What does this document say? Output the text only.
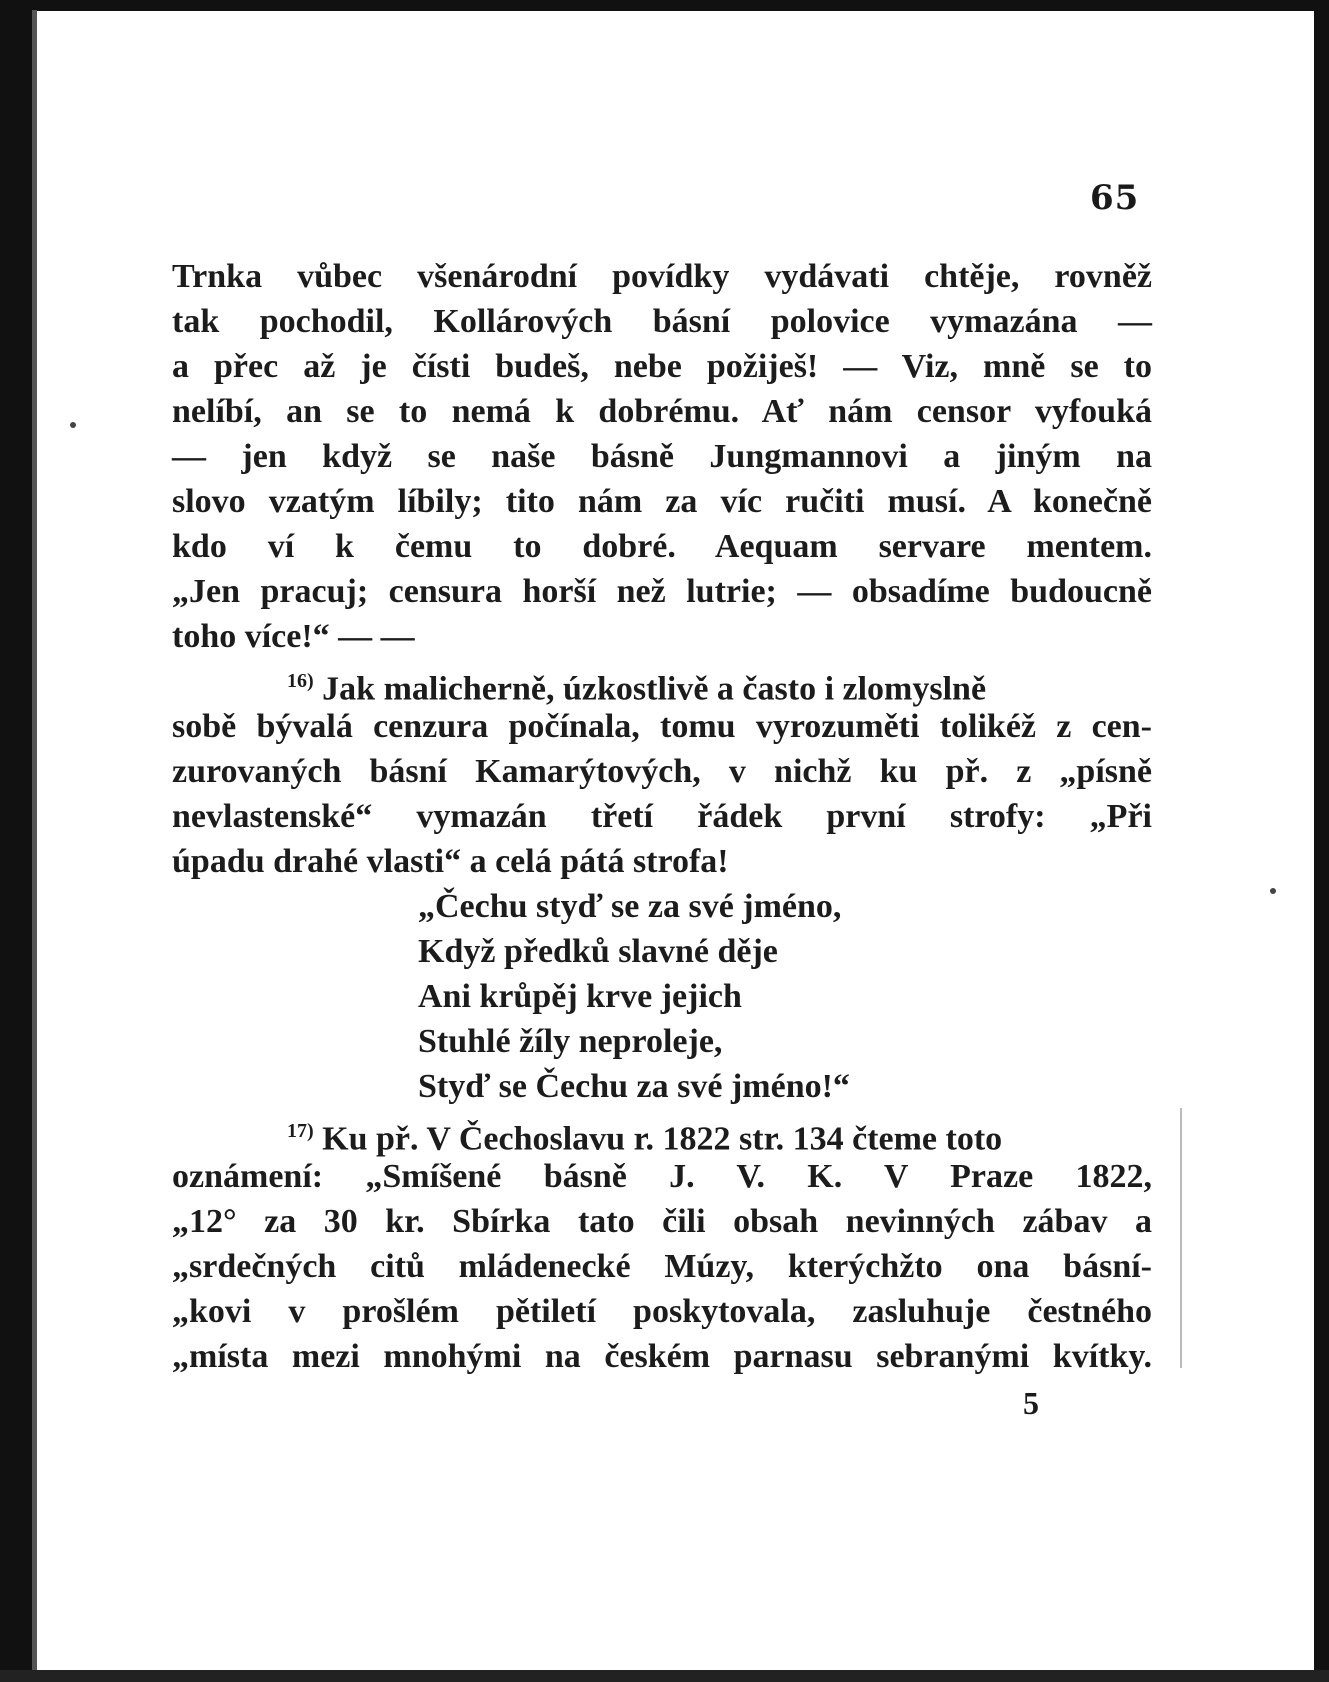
65
Trnka vůbec všenárodní povídky vydávati chtěje, rovněž
tak pochodil, Kollárových básní polovice vymazána —
a přec až je čísti budeš, nebe požiješ! — Viz, mně se to
nelíbí, an se to nemá k dobrému. Ať nám censor vyfouká
— jen když se naše básně Jungmannovi a jiným na
slovo vzatým líbily; tito nám za víc ručiti musí. A konečně
kdo ví k čemu to dobré. Aequam servare mentem.
„Jen pracuj; censura horší než lutrie; — obsadíme budoucně
toho více!“ — —
$^{16)}$ Jak malicherně, úzkostlivě a často i zlomyslně
sobě bývalá cenzura počínala, tomu vyrozuměti tolikéž z cen-
zurovaných básní Kamarýtových, v nichž ku př. z „písně
nevlastenské“ vymazán třetí řádek první strofy: „Při
úpadu drahé vlasti“ a celá pátá strofa!
„Čechu styď se za své jméno,
Když předků slavné děje
Ani krůpěj krve jejich
Stuhlé žíly neproleje,
Styď se Čechu za své jméno!“
$^{17)}$ Ku př. V Čechoslavu r. 1822 str. 134 čteme toto
oznámení: „Smíšené básně J. V. K. V Praze 1822,
„12° za 30 kr. Sbírka tato čili obsah nevinných zábav a
„srdečných citů mládenecké Múzy, kterýchžto ona básní-
„kovi v prošlém pětiletí poskytovala, zasluhuje čestného
„místa mezi mnohými na českém parnasu sebranými kvítky.
5
